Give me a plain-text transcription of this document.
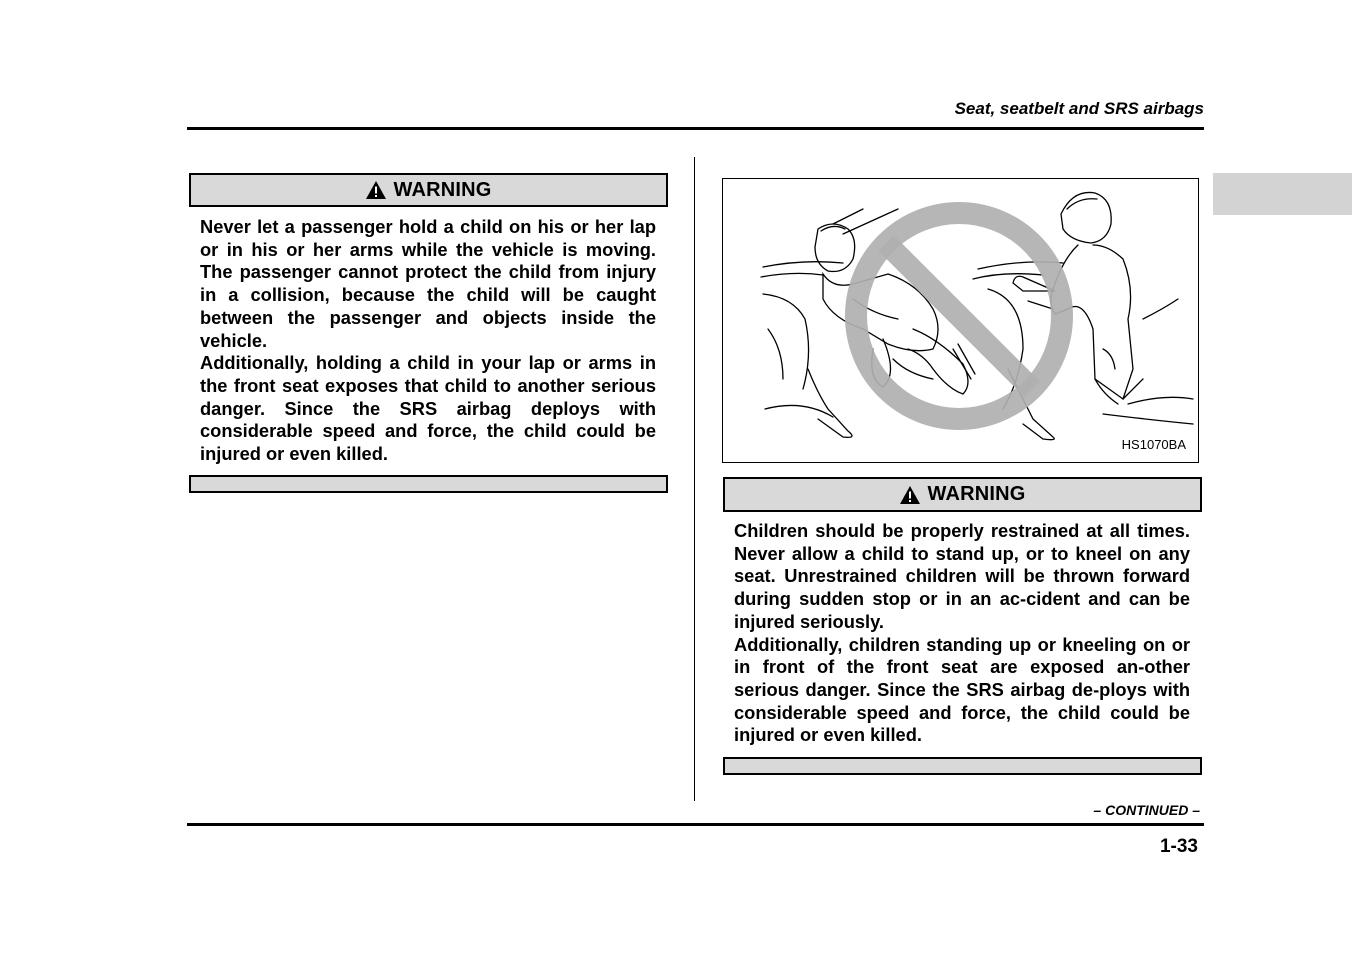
Seat, seatbelt and SRS airbags
WARNING

Never let a passenger hold a child on his or her lap or in his or her arms while the vehicle is moving. The passenger cannot protect the child from injury in a collision, because the child will be caught between the passenger and objects inside the vehicle.

Additionally, holding a child in your lap or arms in the front seat exposes that child to another serious danger. Since the SRS airbag deploys with considerable speed and force, the child could be injured or even killed.	HS1070BA
WARNING

Children should be properly restrained at all times. Never allow a child to stand up, or to kneel on any seat. Unrestrained children will be thrown forward during sudden stop or in an ac-cident and can be injured seriously.

Additionally, children standing up or kneeling on or in front of the front seat are exposed an-other serious danger. Since the SRS airbag de-ploys with considerable speed and force, the child could be injured or even killed.

– CONTINUED –
1-33
